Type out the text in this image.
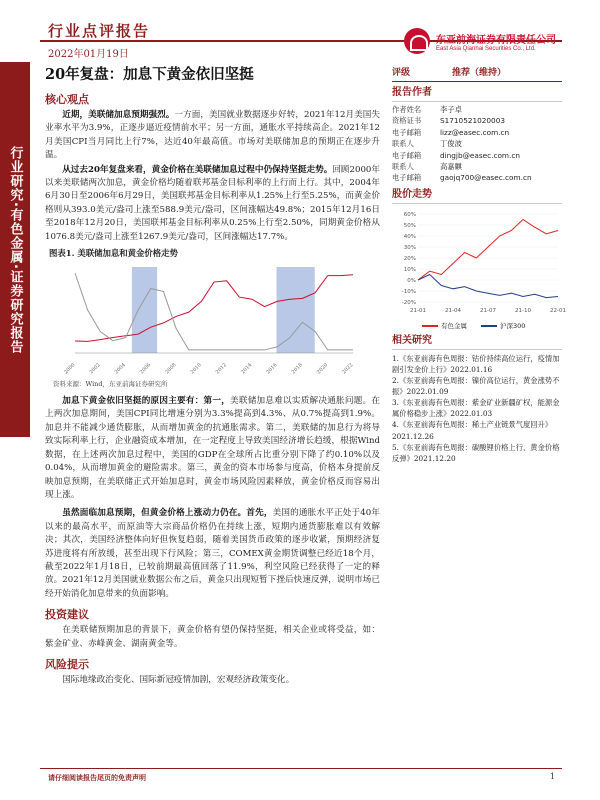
行业点评报告
2022年01月19日
东亚前海证券有限责任公司
East Asia Qianhai Securities Co., Ltd.
行业研究·有色金属·证券研究报告
20年复盘：加息下黄金依旧坚挺
核心观点
近期，美联储加息预期强烈。一方面，美国就业数据逐步好转，2021年12月美国失业率水平为3.9%，正逐步逼近疫情前水平；另一方面，通胀水平持续高企。2021年12月美国CPI当月同比上行7%，达近40年最高值。市场对美联储加息的预期正在逐步升温。
从过去20年复盘来看，黄金价格在美联储加息过程中仍保持坚挺走势。回顾2000年以来美联储两次加息，黄金价格均随着联邦基金目标利率的上行而上行。其中，2004年6月30日至2006年6月29日，美国联邦基金目标利率从1.25%上行至5.25%，而黄金价格则从393.0美元/盎司上涨至588.9美元/盎司，区间涨幅达49.8%；2015年12月16日至2018年12月20日，美国联邦基金目标利率从0.25%上行至2.50%，同期黄金价格从1076.8美元/盎司上涨至1267.9美元/盎司，区间涨幅达17.7%。
图表1. 美联储加息和黄金价格走势
2000 2002 2004 2006 2008 2010 2012 2014 2016 2018 2020 2022
资料来源：Wind，东亚前海证券研究所
加息下黄金依旧坚挺的原因主要有：第一，美联储加息难以实质解决通胀问题。在上两次加息期间，美国CPI同比增速分别为3.3%提高到4.3%、从0.7%提高到1.9%。加息并不能减少通货膨胀，从而增加黄金的抗通胀需求。第二，美联储的加息行为将导致实际利率上行，企业融资成本增加，在一定程度上导致美国经济增长趋缓，根据Wind数据，在上述两次加息过程中，美国的GDP在全球所占比重分别下降了约0.10%以及0.04%，从而增加黄金的避险需求。第三，黄金的资本市场参与度高，价格本身提前反映加息预期，在美联储正式开始加息时，黄金市场风险因素释放，黄金价格反而容易出现上涨。
虽然面临加息预期，但黄金价格上涨动力仍在。首先，美国的通胀水平正处于40年以来的最高水平，而原油等大宗商品价格仍在持续上涨，短期内通货膨胀难以有效解决；其次，美国经济整体向好但恢复趋弱，随着美国货币政策的逐步收紧，预期经济复苏进度将有所放缓，甚至出现下行风险；第三，COMEX黄金期货调整已经近18个月，截至2022年1月18日，已较前期最高值回落了11.9%，利空风险已经获得了一定的释放。2021年12月美国就业数据公布之后，黄金只出现短暂下挫后快速反弹，说明市场已经开始消化加息带来的负面影响。
投资建议
在美联储预期加息的背景下，黄金价格有望仍保持坚挺，相关企业或将受益，如：紫金矿业、赤峰黄金、湖南黄金等。
风险提示
国际地缘政治变化、国际新冠疫情加剧，宏观经济政策变化。
评级	推荐（维持）
报告作者
作者姓名	李子卓
资格证书	S1710521020003
电子邮箱	lizz@easec.com.cn
联系人	丁俊波
电子邮箱	dingjb@easec.com.cn
联系人	高嘉麒
电子邮箱	gaojq700@easec.com.cn
股价走势
60%
50%
40%
30%
20%
10%
0%
-10%
-20%
21-01	21-04	21-07	21-10	22-01
有色金属	沪深300
相关研究
1.《东亚前海有色周报：钴价持续高位运行，疫情加剧引发金价上行》2022.01.16
2.《东亚前海有色周报：镍价高位运行，黄金涨势不振》2022.01.09
3.《东亚前海有色周报：紫金矿业新疆矿权，能源金属价格稳步上涨》2022.01.03
4.《东亚前海有色周报：稀土产业链景气度回升》2021.12.26
5.《东亚前海有色周报：碳酸锂价格上行、黄金价格反弹》2021.12.20
请仔细阅读报告尾页的免责声明	1
